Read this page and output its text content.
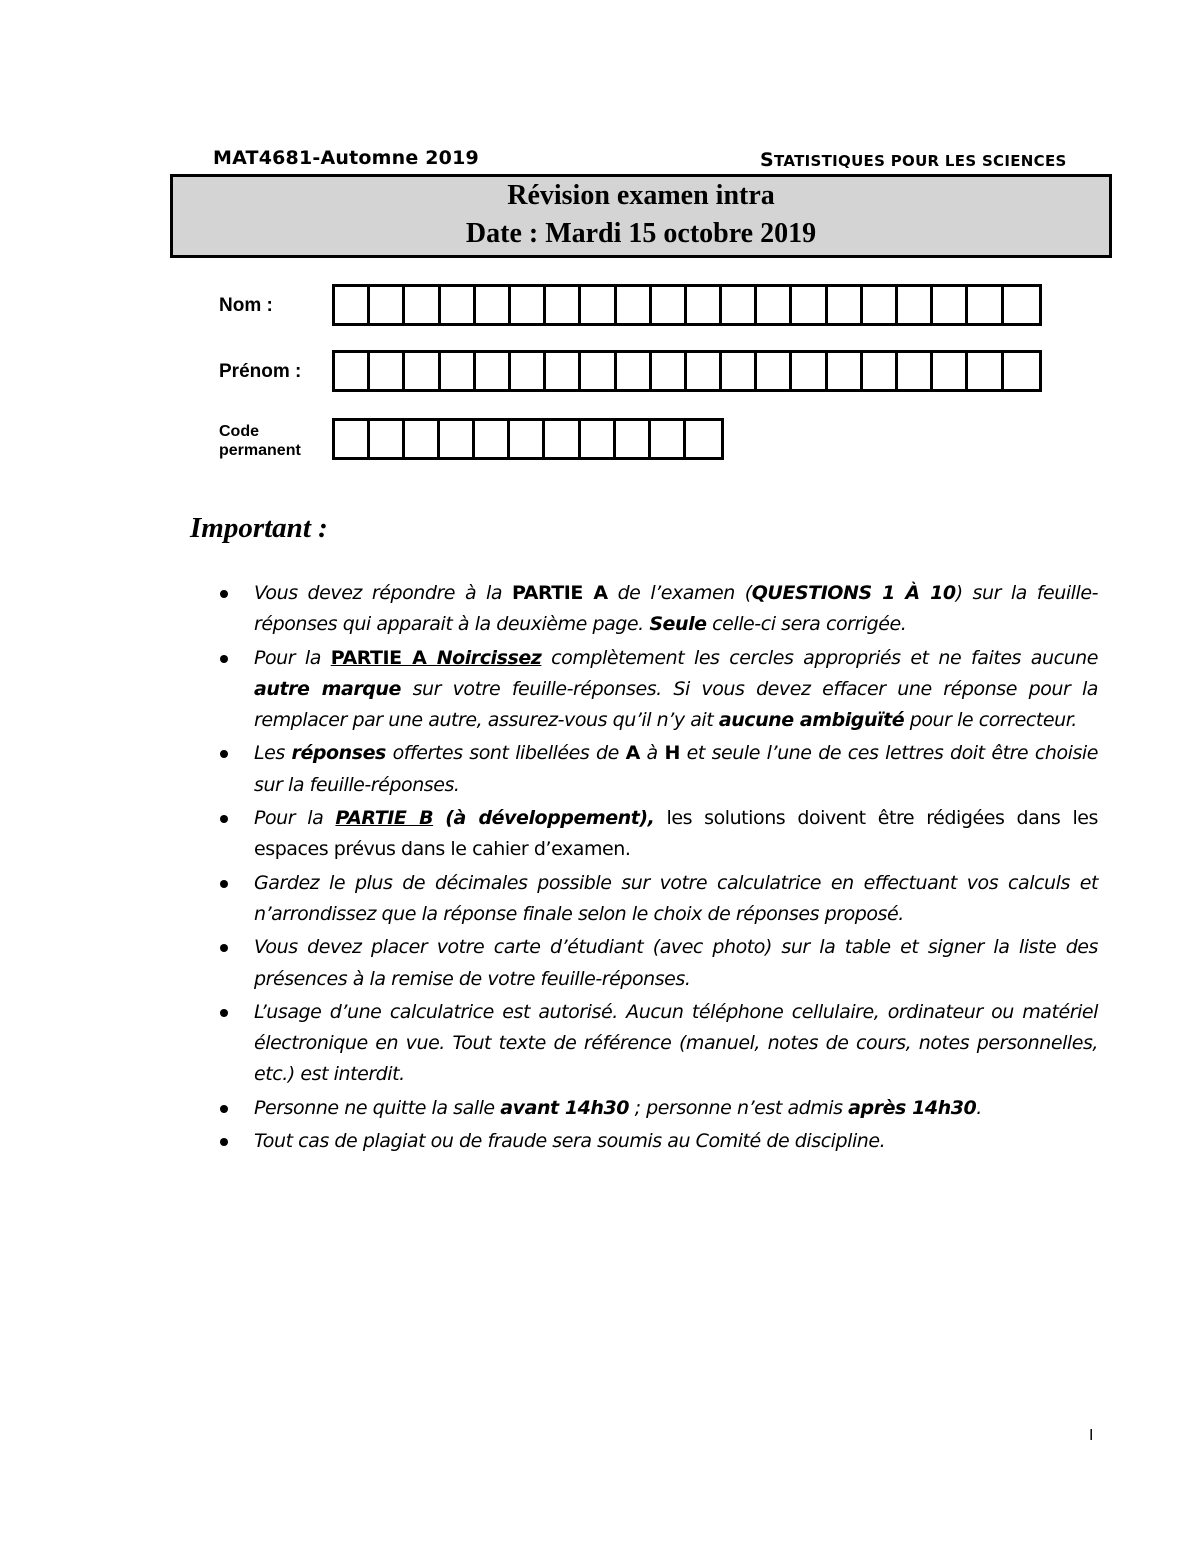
MAT4681-Automne 2019	STATISTIQUES POUR LES SCIENCES
Révision examen intra
Date : Mardi 15 octobre 2019
Nom :
Prénom :
Code permanent
Important :
Vous devez répondre à la PARTIE A de l’examen (QUESTIONS 1 À 10) sur la feuille-réponses qui apparait à la deuxième page. Seule celle-ci sera corrigée.
Pour la PARTIE A Noircissez complètement les cercles appropriés et ne faites aucune autre marque sur votre feuille-réponses. Si vous devez effacer une réponse pour la remplacer par une autre, assurez-vous qu’il n’y ait aucune ambiguïté pour le correcteur.
Les réponses offertes sont libellées de A à H et seule l’une de ces lettres doit être choisie sur la feuille-réponses.
Pour la PARTIE B (à développement), les solutions doivent être rédigées dans les espaces prévus dans le cahier d’examen.
Gardez le plus de décimales possible sur votre calculatrice en effectuant vos calculs et n’arrondissez que la réponse finale selon le choix de réponses proposé.
Vous devez placer votre carte d’étudiant (avec photo) sur la table et signer la liste des présences à la remise de votre feuille-réponses.
L’usage d’une calculatrice est autorisé. Aucun téléphone cellulaire, ordinateur ou matériel électronique en vue. Tout texte de référence (manuel, notes de cours, notes personnelles, etc.) est interdit.
Personne ne quitte la salle avant 14h30 ; personne n’est admis après 14h30.
Tout cas de plagiat ou de fraude sera soumis au Comité de discipline.
I
